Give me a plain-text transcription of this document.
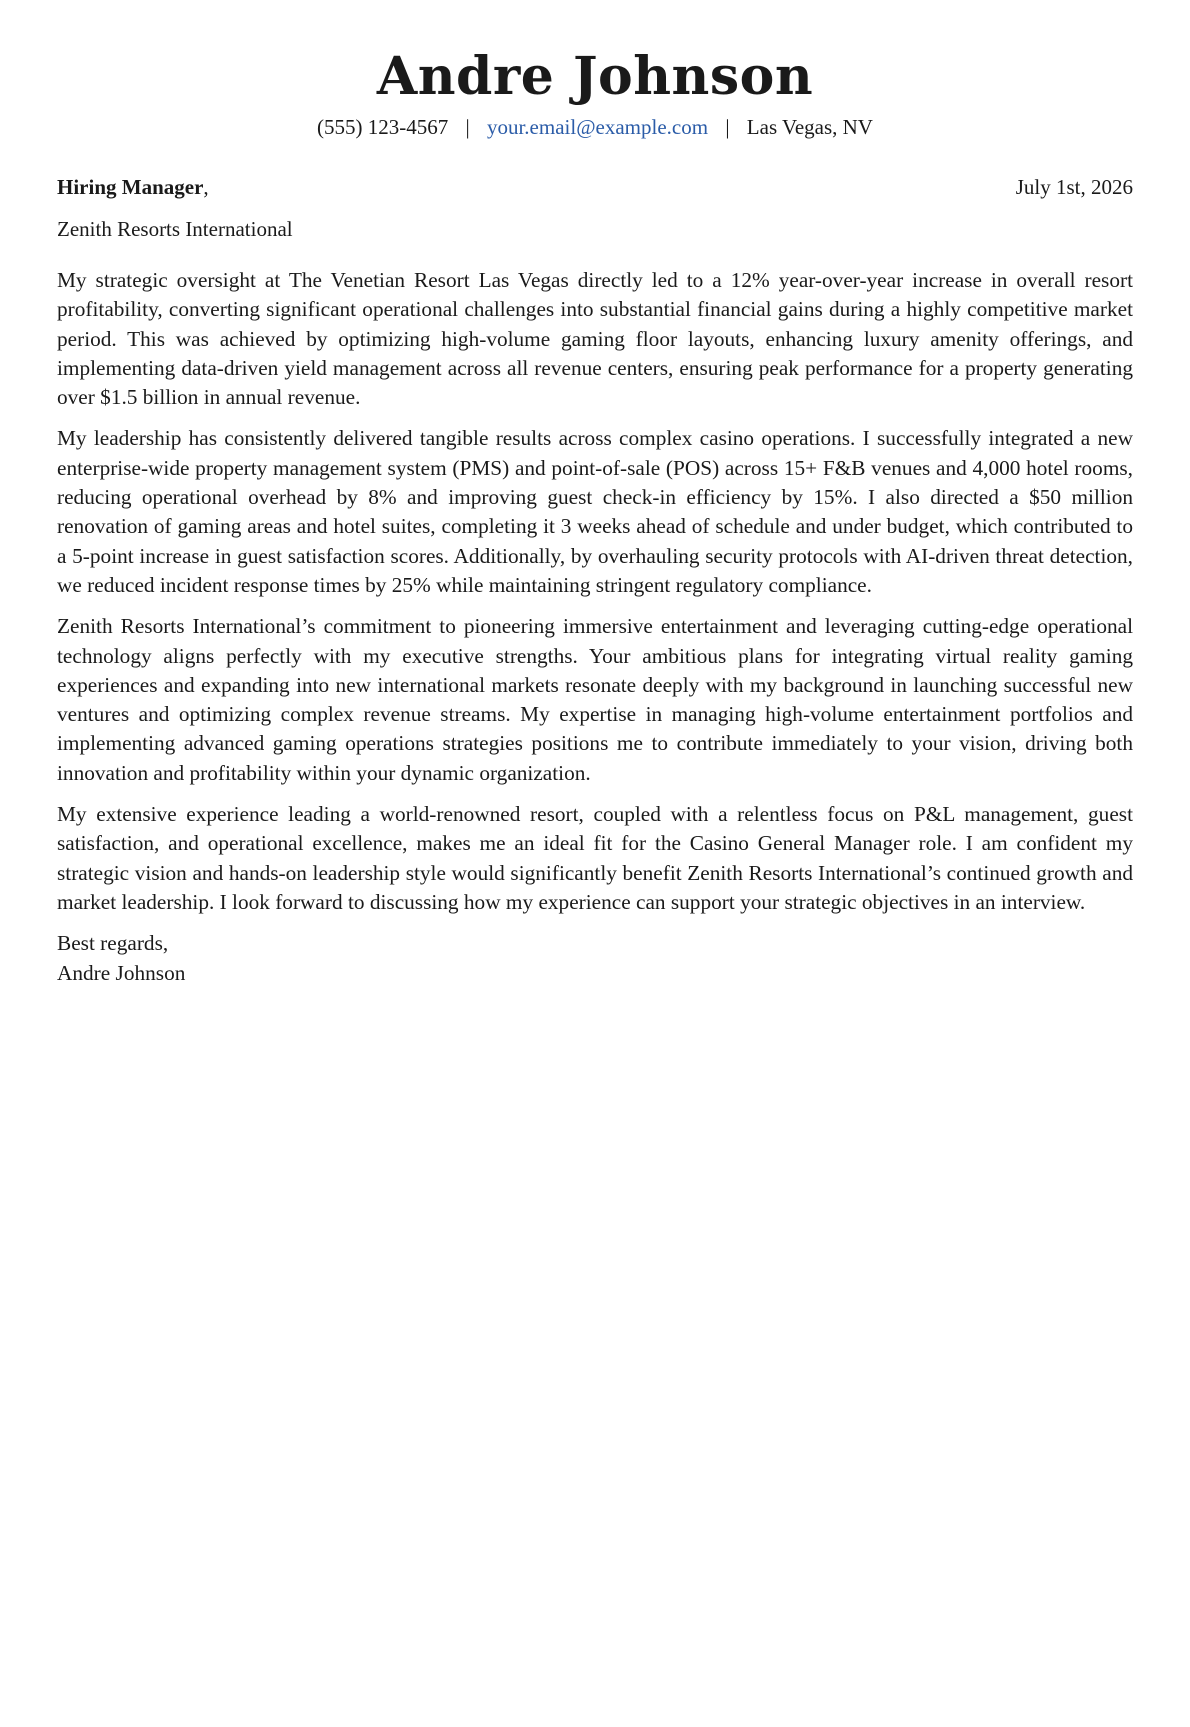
Andre Johnson
(555) 123-4567 | your.email@example.com | Las Vegas, NV
Hiring Manager,	July 1st, 2026
Zenith Resorts International

My strategic oversight at The Venetian Resort Las Vegas directly led to a 12% year-over-year increase in overall resort profitability, converting significant operational challenges into substantial financial gains during a highly competitive market period. This was achieved by optimizing high-volume gaming floor layouts, enhancing luxury amenity offerings, and implementing data-driven yield management across all revenue centers, ensuring peak performance for a property generating over $1.5 billion in annual revenue.

My leadership has consistently delivered tangible results across complex casino operations. I successfully integrated a new enterprise-wide property management system (PMS) and point-of-sale (POS) across 15+ F&B venues and 4,000 hotel rooms, reducing operational overhead by 8% and improving guest check-in efficiency by 15%. I also directed a $50 million renovation of gaming areas and hotel suites, completing it 3 weeks ahead of schedule and under budget, which contributed to a 5-point increase in guest satisfaction scores. Additionally, by overhauling security protocols with AI-driven threat detection, we reduced incident response times by 25% while maintaining stringent regulatory compliance.

Zenith Resorts International’s commitment to pioneering immersive entertainment and leveraging cutting-edge operational technology aligns perfectly with my executive strengths. Your ambitious plans for integrating virtual reality gaming experiences and expanding into new international markets resonate deeply with my background in launching successful new ventures and optimizing complex revenue streams. My expertise in managing high-volume entertainment portfolios and implementing advanced gaming operations strategies positions me to contribute immediately to your vision, driving both innovation and profitability within your dynamic organization.

My extensive experience leading a world-renowned resort, coupled with a relentless focus on P&L management, guest satisfaction, and operational excellence, makes me an ideal fit for the Casino General Manager role. I am confident my strategic vision and hands-on leadership style would significantly benefit Zenith Resorts International’s continued growth and market leadership. I look forward to discussing how my experience can support your strategic objectives in an interview.

Best regards,
Andre Johnson
